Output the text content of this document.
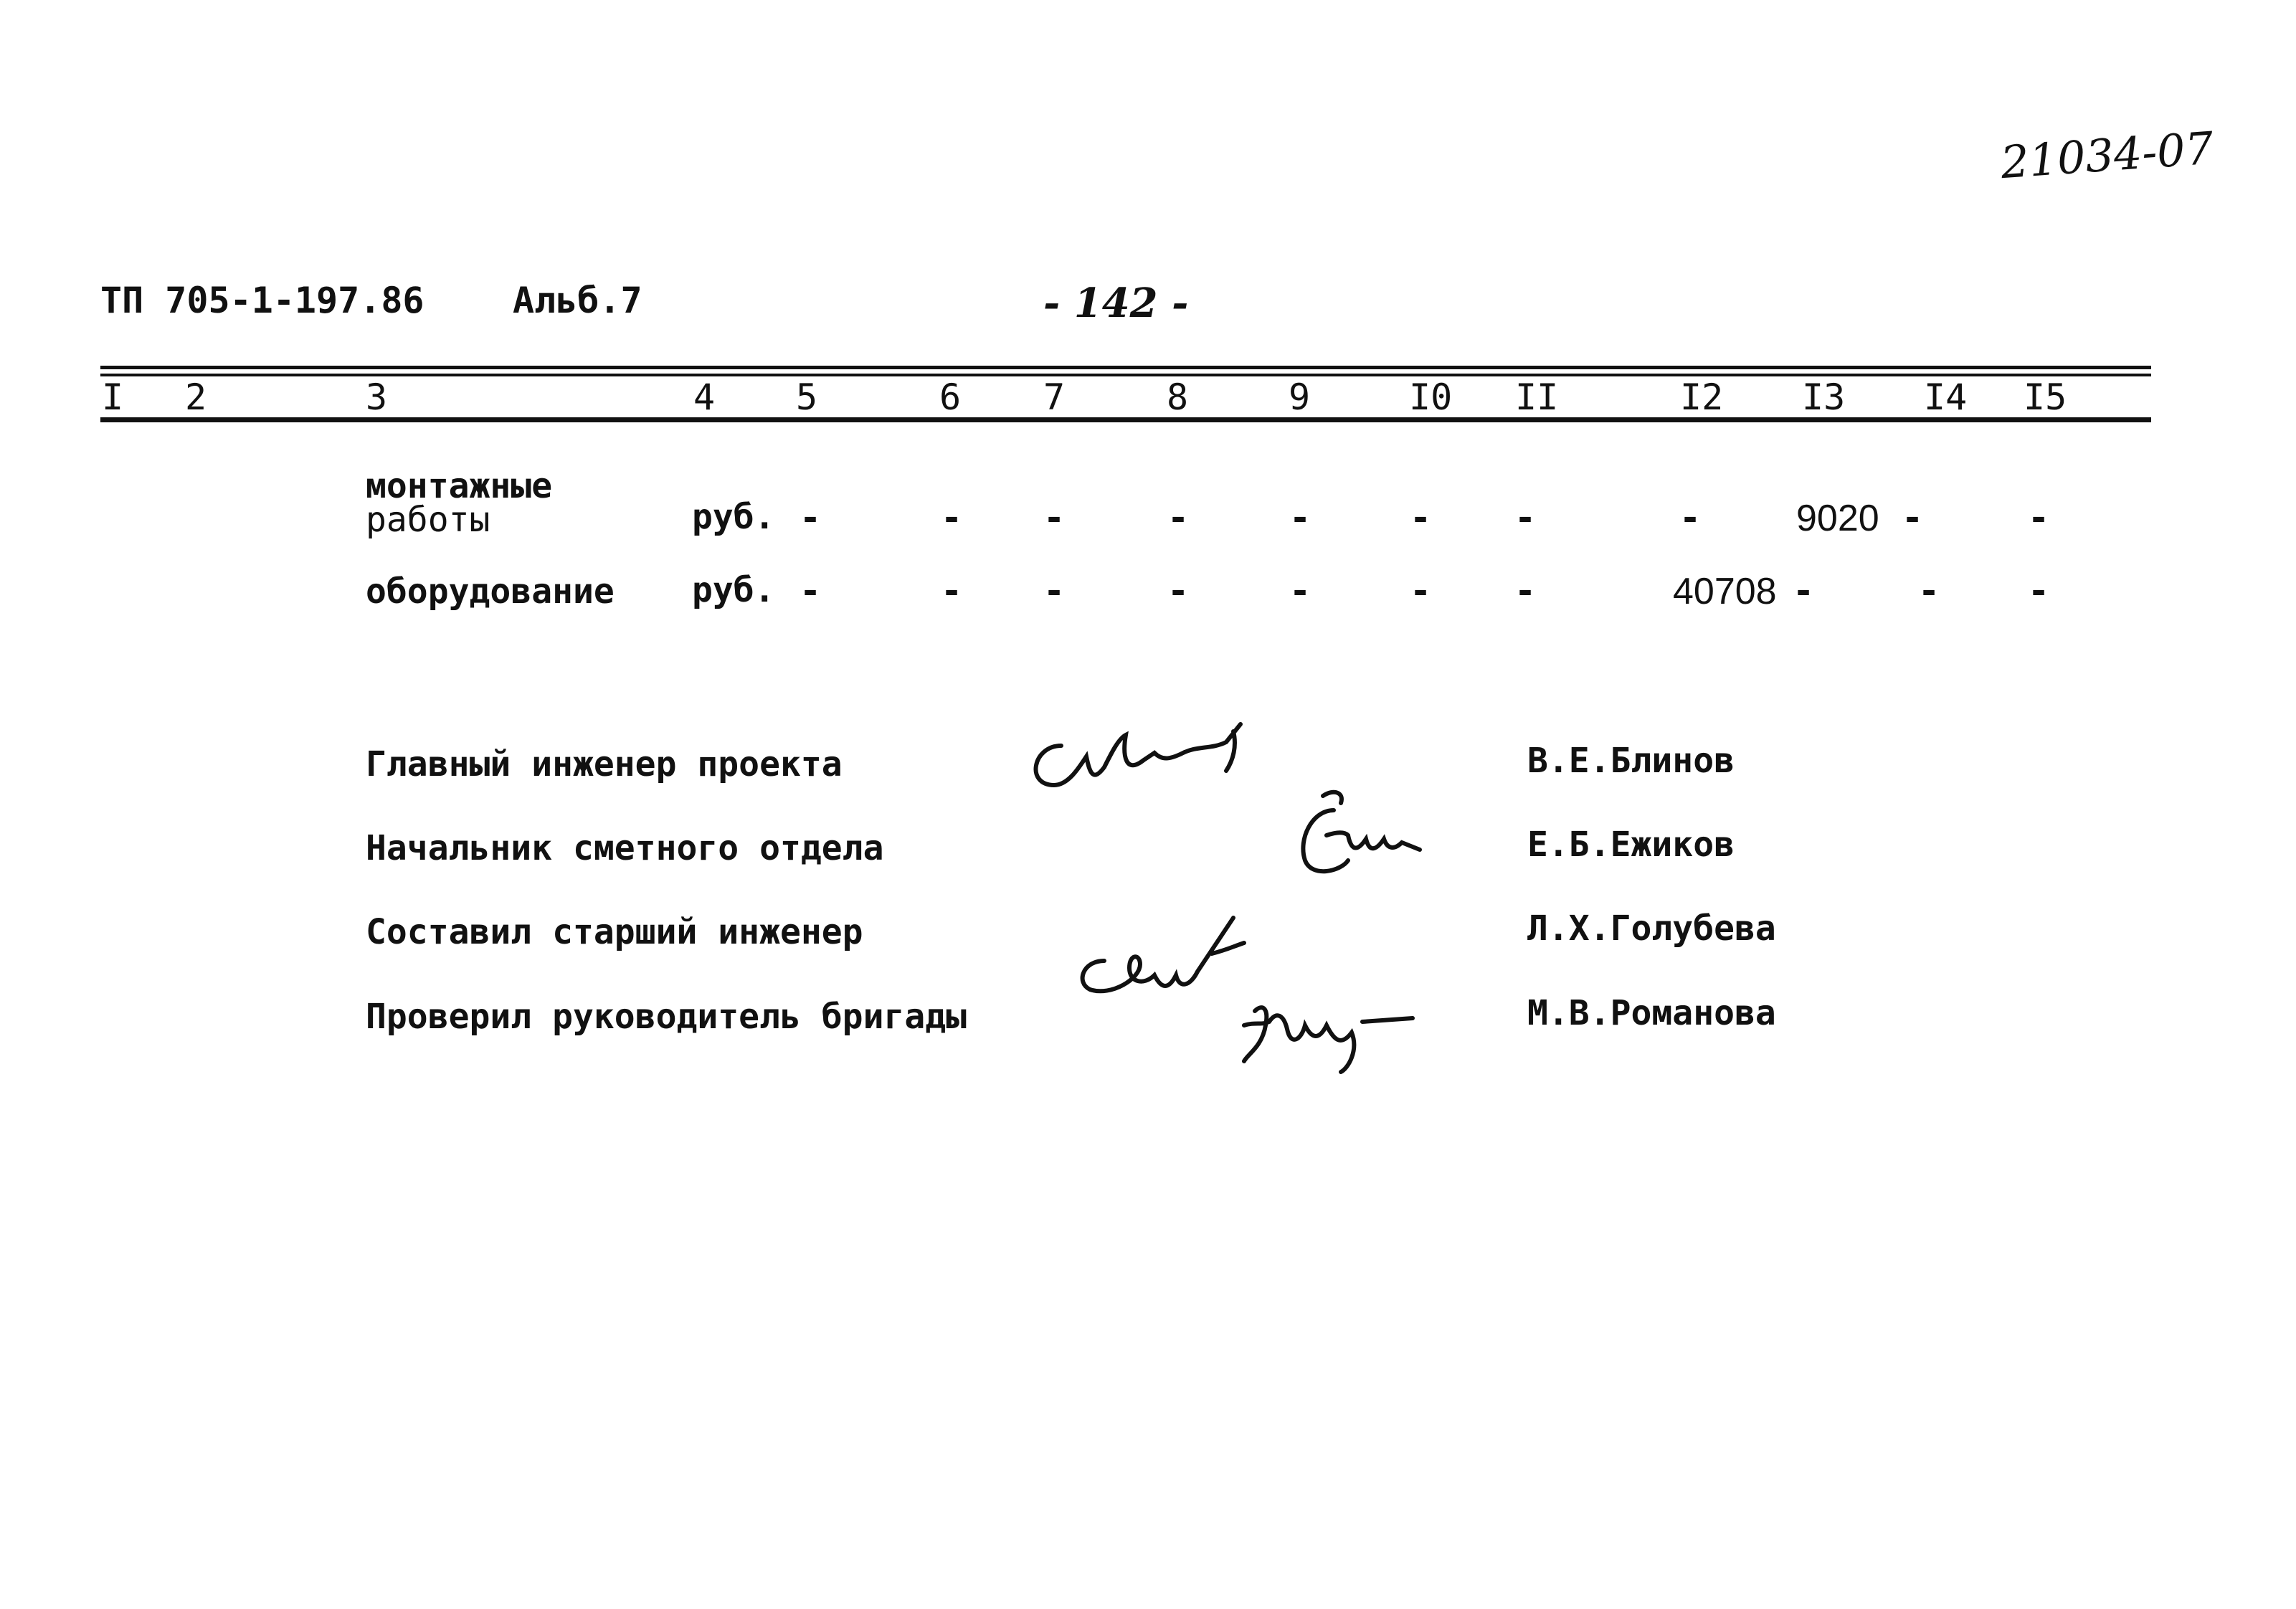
21034-07
ТП 705-1-197.86 Альб.7	- 142 -
I 2	3	4 5	6 7	8	9	I0 II	I2 I3 I4 I5
монтажные
работы	руб. -	- -	-	-	- -	-	9020 -	-
оборудование руб. -	- -	-	-	- -	40708 -	- -
Главный инженер проекта	В.Е.Блинов
Начальник сметного отдела	Е.Б.Ежиков
Составил старший инженер	Л.Х.Голубева
Проверил руководитель бригады	М.В.Романова
